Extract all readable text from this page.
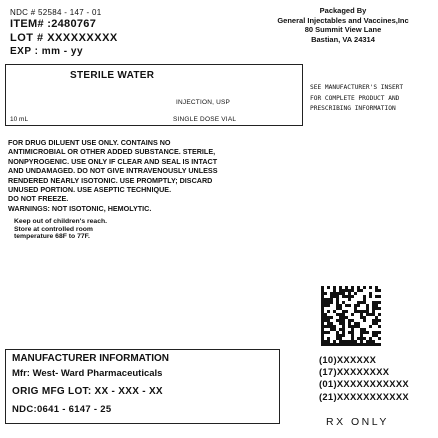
NDC # 52584 - 147 - 01
ITEM# :2480767
LOT # XXXXXXXXX
EXP : mm - yy
Packaged By
General Injectables and Vaccines,Inc
80 Summit View Lane
Bastian, VA 24314
STERILE WATER
INJECTION, USP
10 mL	SINGLE DOSE VIAL
SEE MANUFACTURER'S INSERT
FOR COMPLETE PRODUCT AND
PRESCRIBING INFORMATION
FOR DRUG DILUENT USE ONLY. CONTAINS NO
ANTIMICROBIAL OR OTHER ADDED SUBSTANCE. STERILE,
NONPYROGENIC. USE ONLY IF CLEAR AND SEAL IS INTACT
AND UNDAMAGED. DO NOT GIVE INTRAVENOUSLY UNLESS
RENDERED NEARLY ISOTONIC. USE PROMPTLY; DISCARD
UNUSED PORTION. USE ASEPTIC TECHNIQUE.
DO NOT FREEZE.
WARNINGS: NOT ISOTONIC, HEMOLYTIC.
Keep out of children's reach.
Store at controlled room
temperature 68F to 77F.
MANUFACTURER INFORMATION
Mfr: West- Ward Pharmaceuticals
ORIG MFG LOT: XX - XXX - XX
NDC:0641 - 6147 - 25
(10)XXXXXX
(17)XXXXXXXX
(01)XXXXXXXXXXX
(21)XXXXXXXXXXX
RX ONLY
